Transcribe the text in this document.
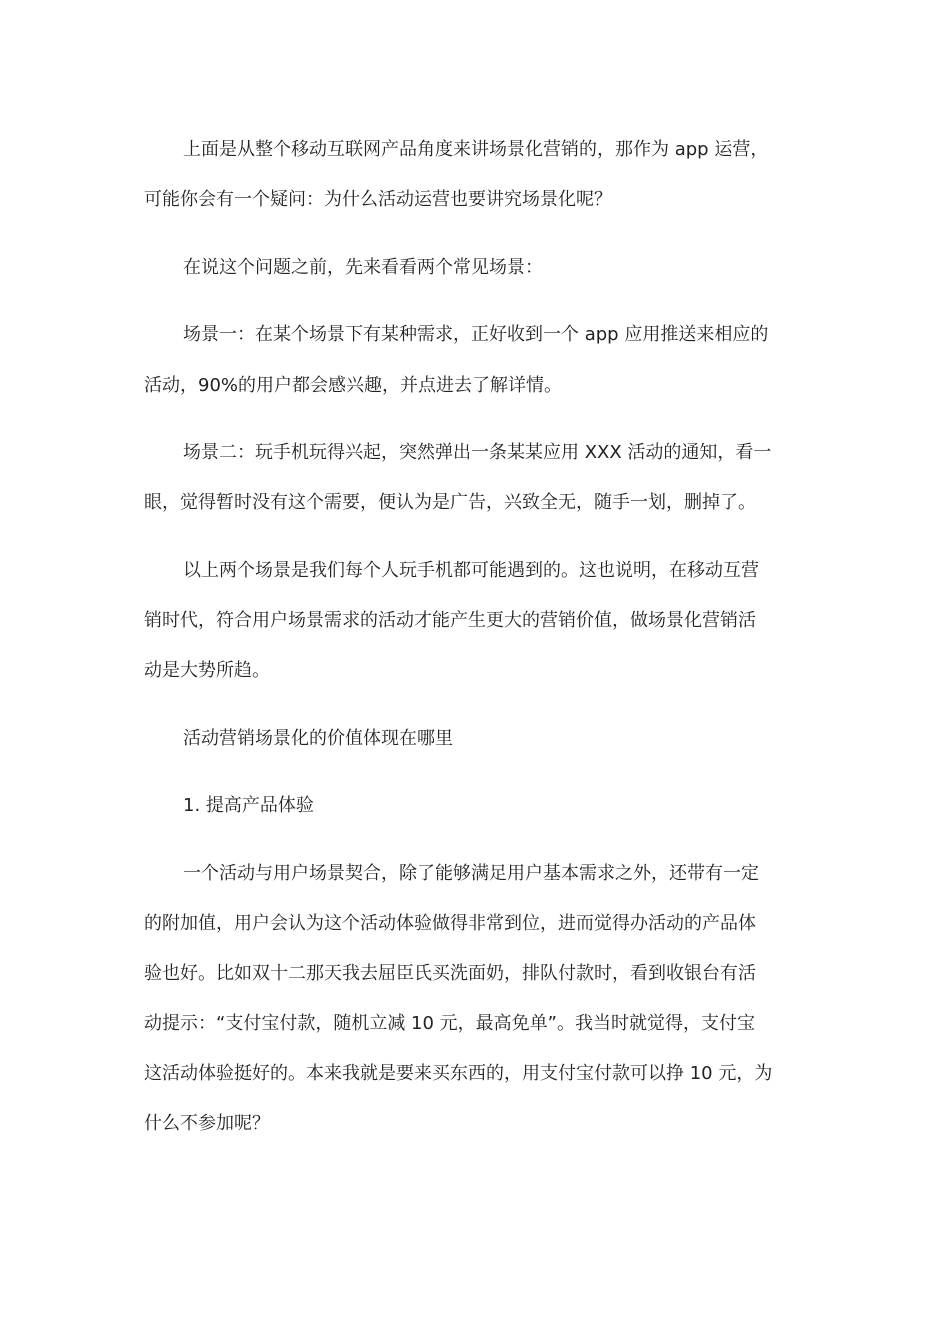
上面是从整个移动互联网产品角度来讲场景化营销的，那作为 app 运营，
可能你会有一个疑问：为什么活动运营也要讲究场景化呢？
在说这个问题之前，先来看看两个常见场景：
场景一：在某个场景下有某种需求，正好收到一个 app 应用推送来相应的
活动，90%的用户都会感兴趣，并点进去了解详情。
场景二：玩手机玩得兴起，突然弹出一条某某应用 XXX 活动的通知，看一
眼，觉得暂时没有这个需要，便认为是广告，兴致全无，随手一划，删掉了。
以上两个场景是我们每个人玩手机都可能遇到的。这也说明，在移动互营
销时代，符合用户场景需求的活动才能产生更大的营销价值，做场景化营销活
动是大势所趋。
活动营销场景化的价值体现在哪里
1. 提高产品体验
一个活动与用户场景契合，除了能够满足用户基本需求之外，还带有一定
的附加值，用户会认为这个活动体验做得非常到位，进而觉得办活动的产品体
验也好。比如双十二那天我去屈臣氏买洗面奶，排队付款时，看到收银台有活
动提示：“支付宝付款，随机立减 10 元，最高免单”。我当时就觉得，支付宝
这活动体验挺好的。本来我就是要来买东西的，用支付宝付款可以挣 10 元，为
什么不参加呢？
